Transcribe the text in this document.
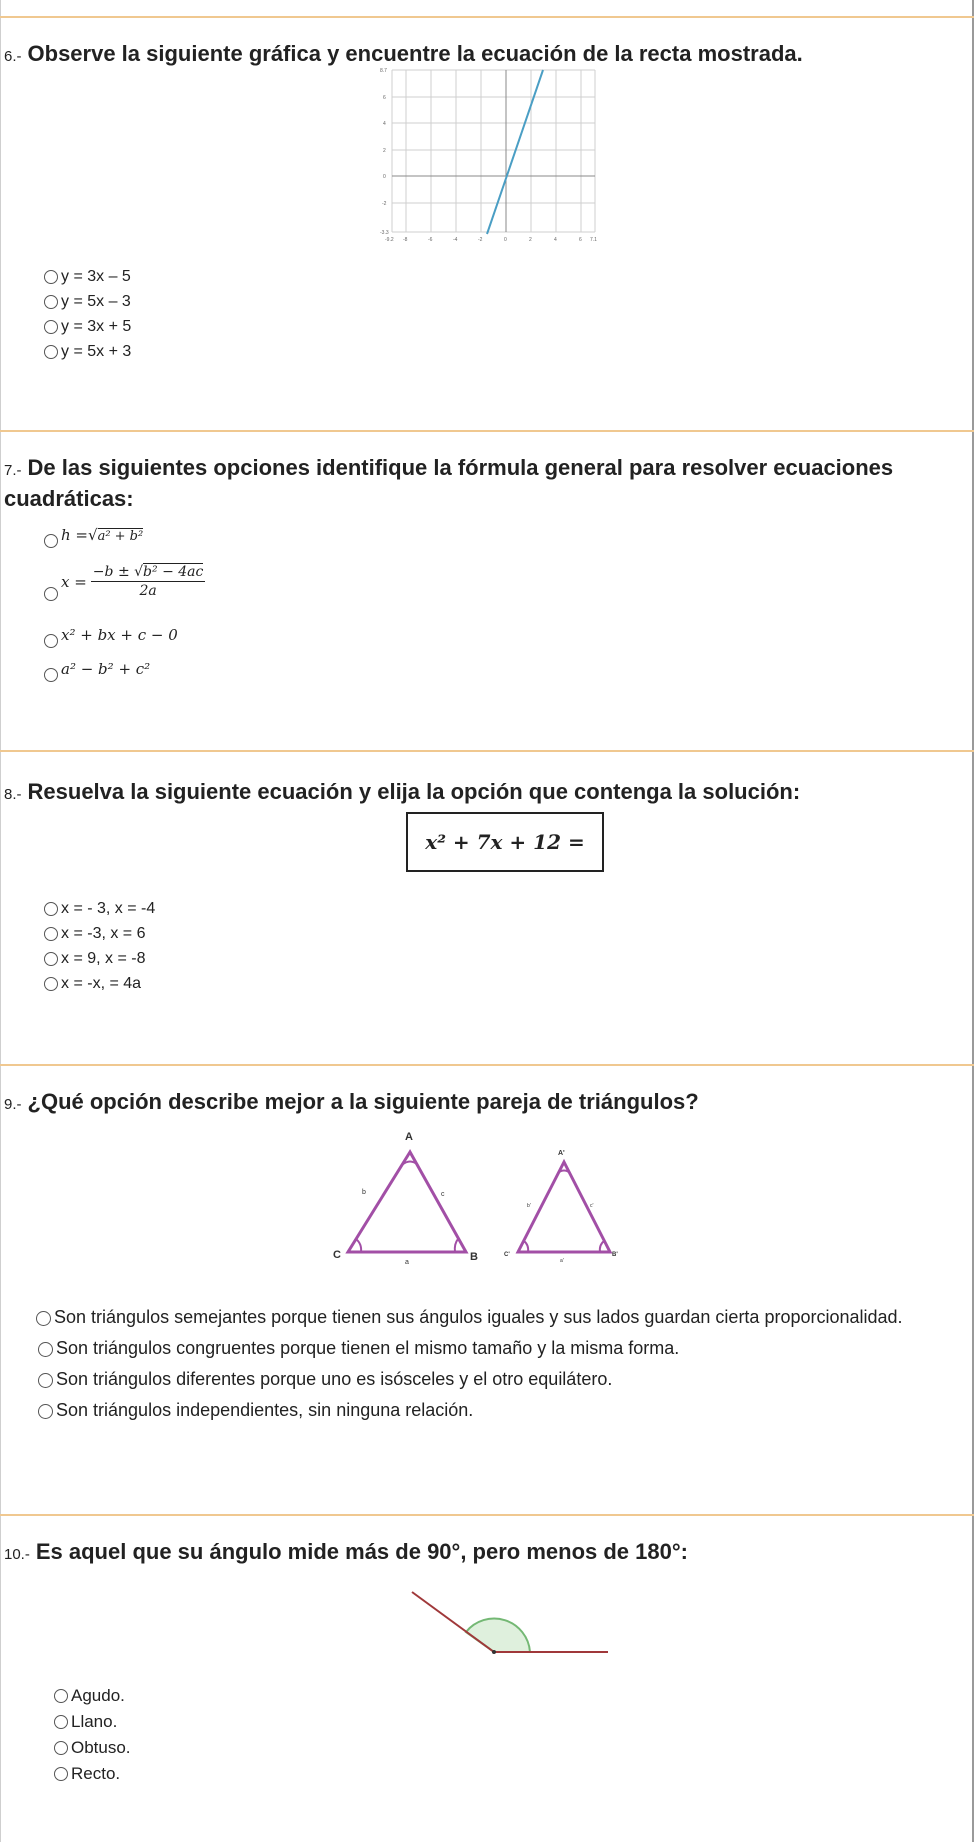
6.- Observe la siguiente gráfica y encuentre la ecuación de la recta mostrada.
8.7
6
4
2
0
-2
-3.3
-9.2 -8	-6	-4	-2	0	2	4	6 7.1
y = 3x – 5
y = 5x – 3
y = 3x + 5
y = 5x + 3
7.- De las siguientes opciones identifique la fórmula general para resolver ecuaciones cuadráticas:
h = √ a² + b²
$x = \frac{\text{−b ± √b² − 4ac}}{2a}$
x² + bx + c − 0
a² − b² + c²
8.- Resuelva la siguiente ecuación y elija la opción que contenga la solución:
x² + 7x + 12 =
x = - 3, x = -4
x = -3, x = 6
x = 9, x = -8
x = -x, = 4a
9.- ¿Qué opción describe mejor a la siguiente pareja de triángulos?
A
C	B
A'
C'	B'
b	c
a
b'	c'
a'
Son triángulos semejantes porque tienen sus ángulos iguales y sus lados guardan cierta proporcionalidad.
Son triángulos congruentes porque tienen el mismo tamaño y la misma forma.
Son triángulos diferentes porque uno es isósceles y el otro equilátero.
Son triángulos independientes, sin ninguna relación.
10.- Es aquel que su ángulo mide más de 90°, pero menos de 180°:
Agudo.
Llano.
Obtuso.
Recto.
